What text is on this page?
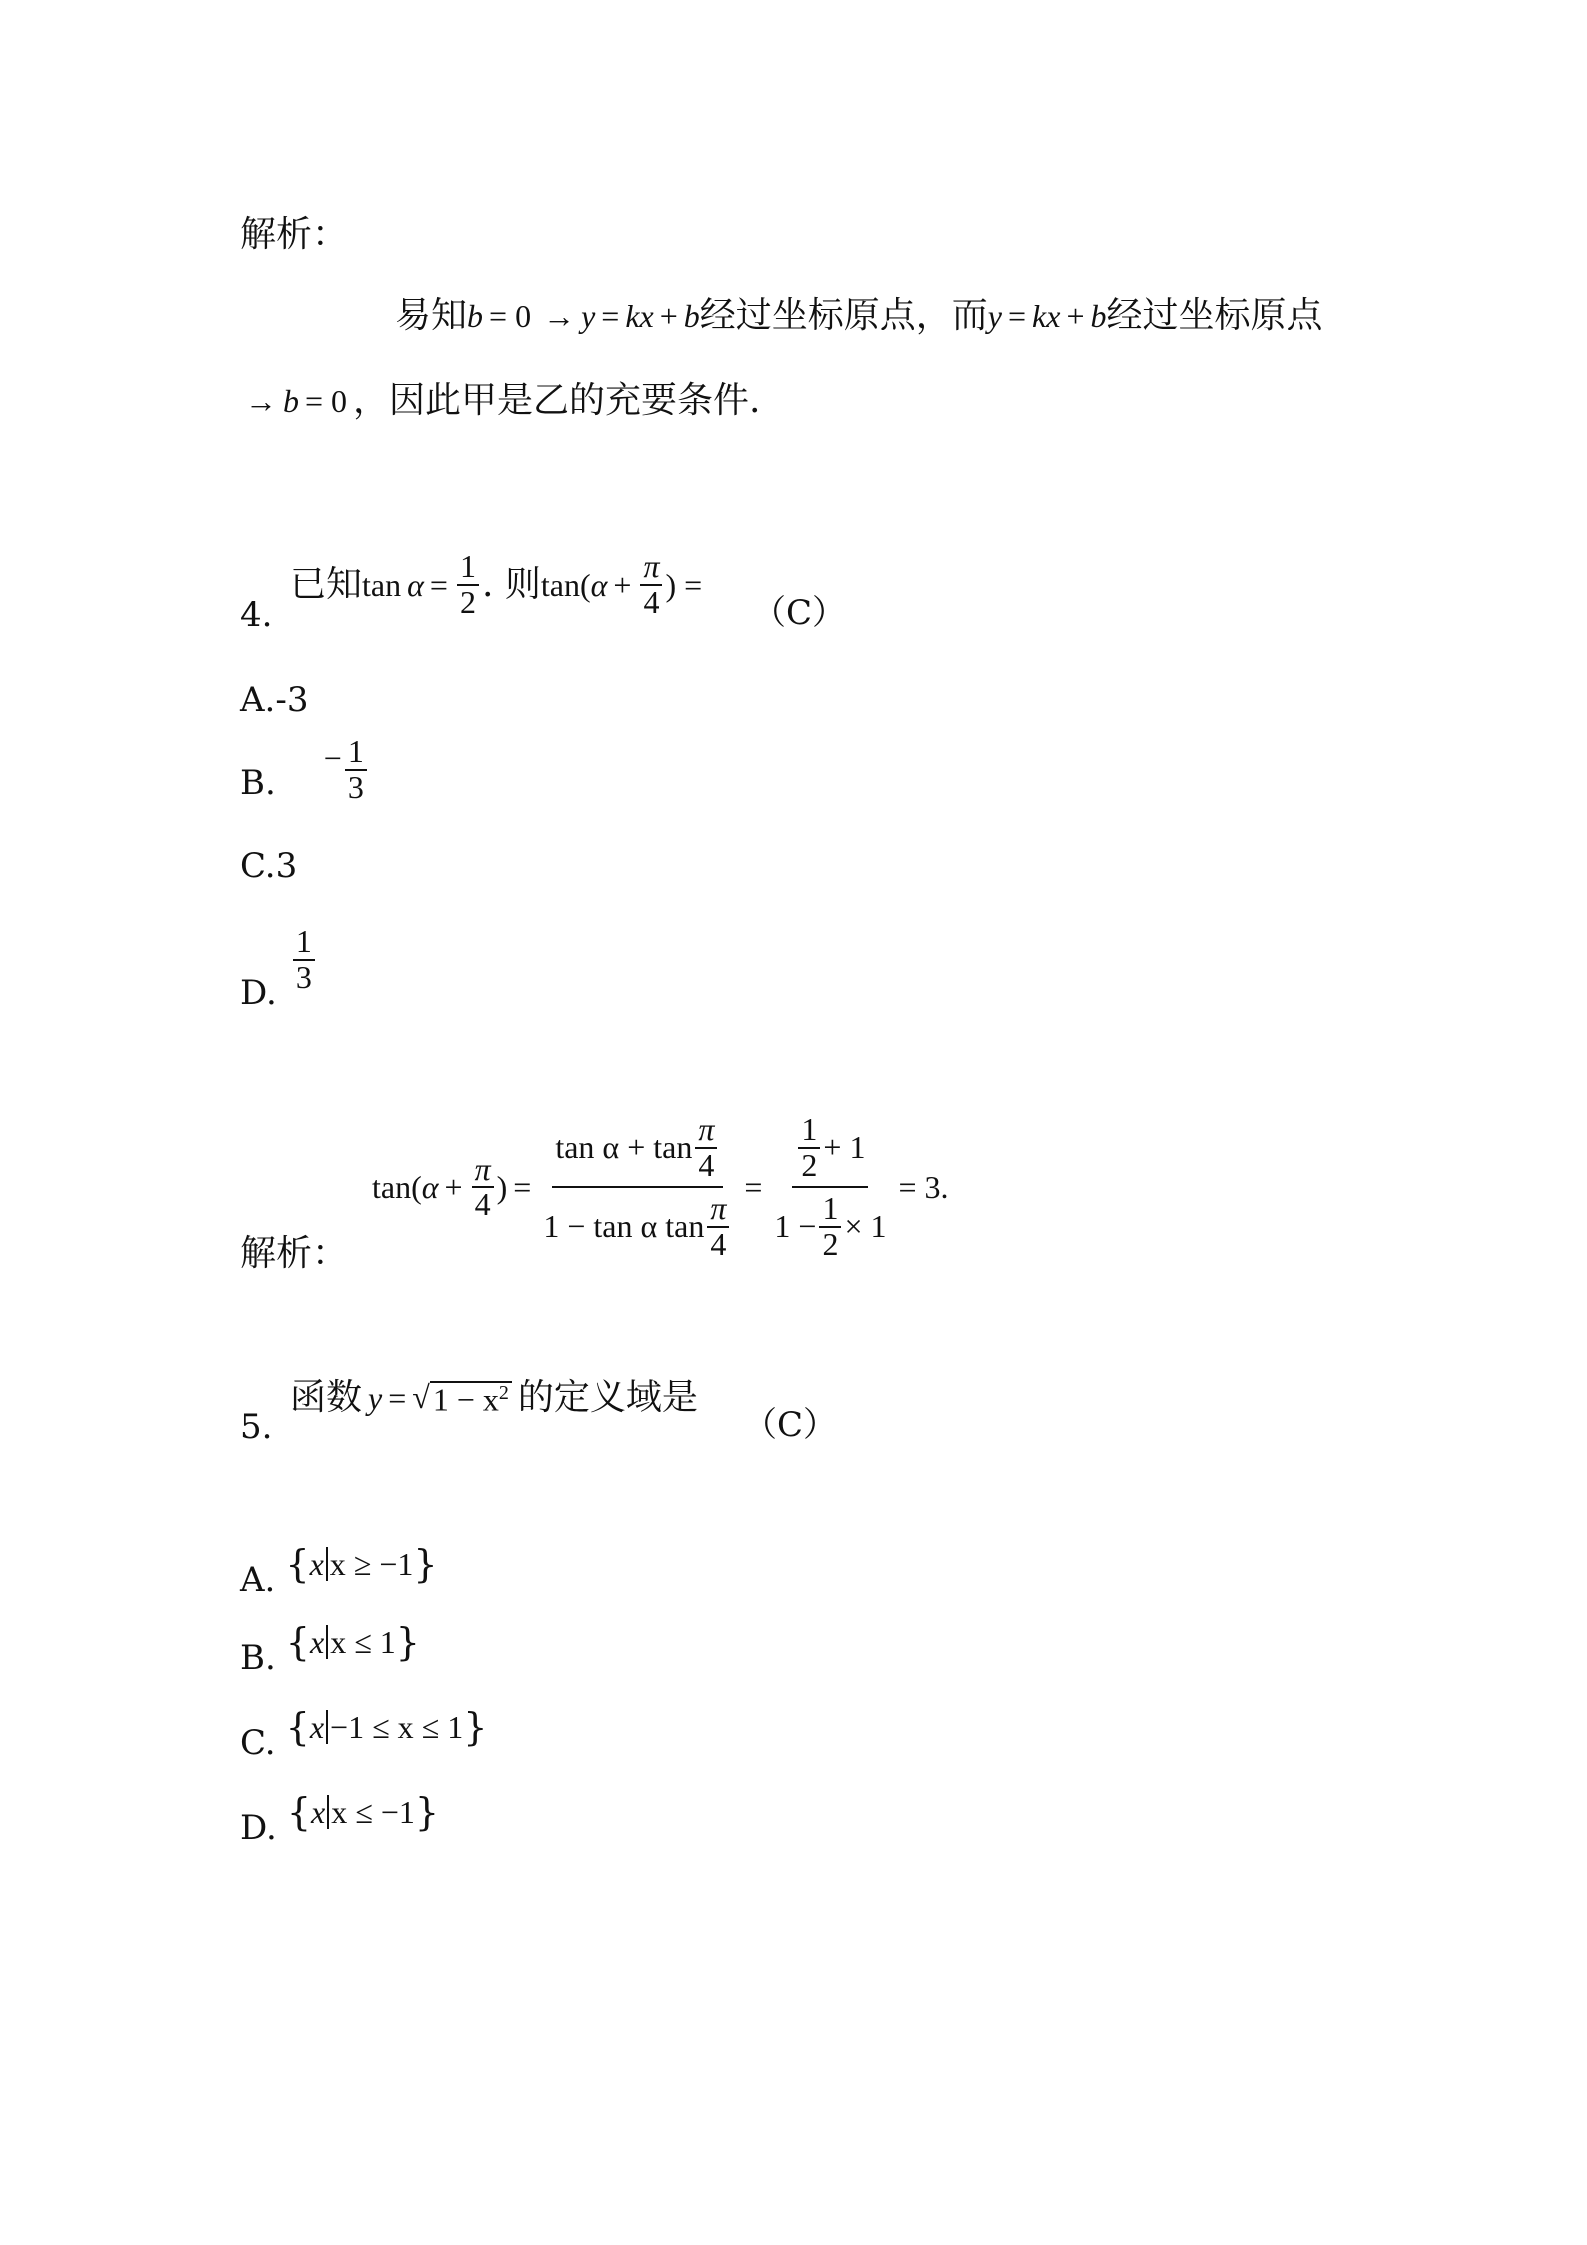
解析：
易知b = 0 → y = kx + b经过坐标原点，而y = kx + b经过坐标原点
→ b = 0 ，因此甲是乙的充要条件.
4.
已知 $\tan \alpha = \frac{1}{2}$ . 则 tan( $\alpha + \frac{\pi}{4}$ ) =
（C）
A.-3
B.
− $\frac{1}{3}$
C.3
D. $\frac{1}{3}$
tan( $\alpha + \frac{\pi}{4}$ ) = $\frac{\tan \alpha + \tan \frac{\pi}{4}}{1 - \tan \alpha \tan \frac{\pi}{4}} = \frac{\frac{1}{2} + 1}{1 - \frac{1}{2} \times 1} = 3$.
解析：
5.
函数 y = √ $1 - x^2$ 的定义域是
（C）
A. { x x ≥ −1 }
B. { x x ≤ 1 }
C. { x −1 ≤ x ≤ 1 }
D. { x x ≤ −1 }
